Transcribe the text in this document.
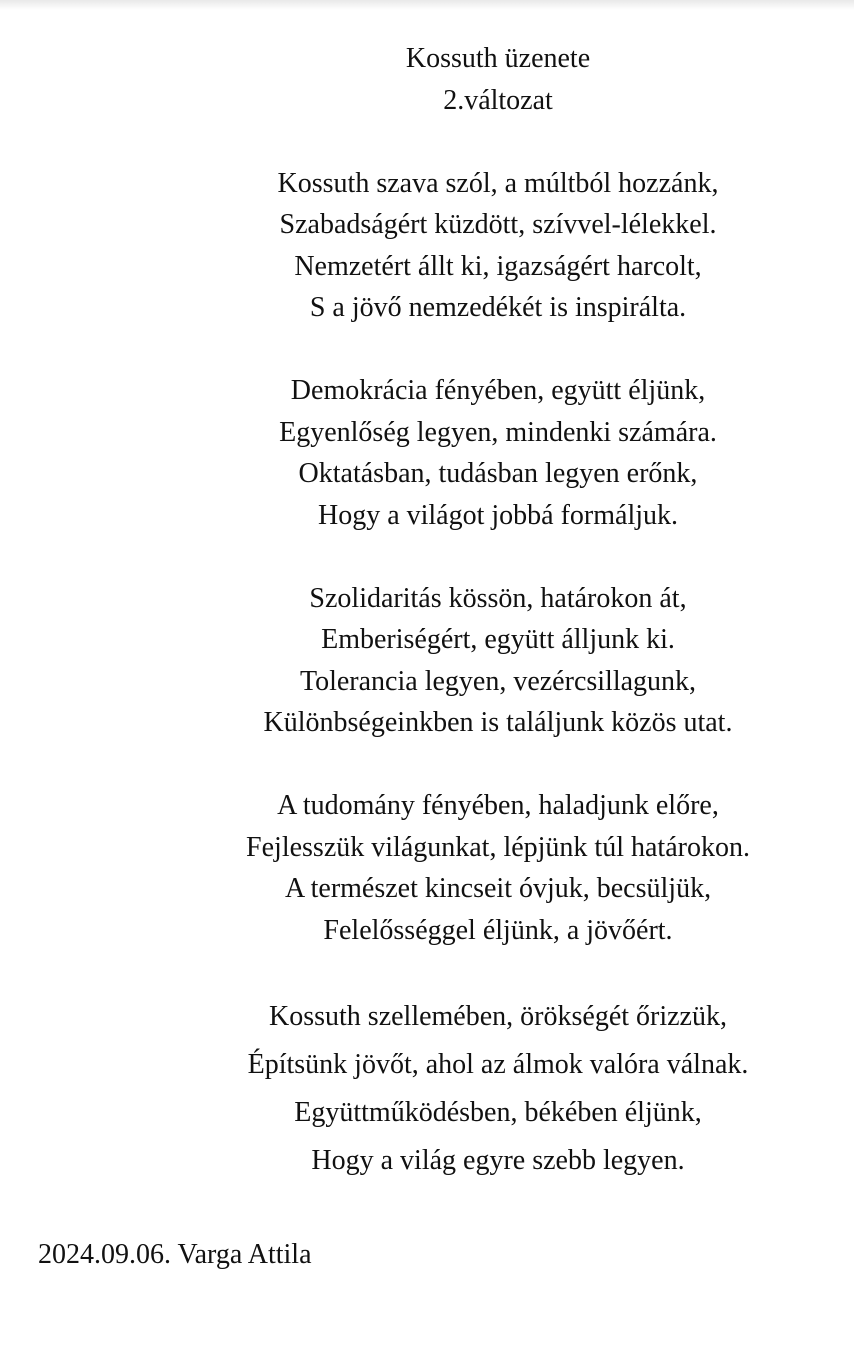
Kossuth üzenete
2.változat
Kossuth szava szól, a múltból hozzánk,
Szabadságért küzdött, szívvel-lélekkel.
Nemzetért állt ki, igazságért harcolt,
S a jövő nemzedékét is inspirálta.
Demokrácia fényében, együtt éljünk,
Egyenlőség legyen, mindenki számára.
Oktatásban, tudásban legyen erőnk,
Hogy a világot jobbá formáljuk.
Szolidaritás kössön, határokon át,
Emberiségért, együtt álljunk ki.
Tolerancia legyen, vezércsillagunk,
Különbségeinkben is találjunk közös utat.
A tudomány fényében, haladjunk előre,
Fejlesszük világunkat, lépjünk túl határokon.
A természet kincseit óvjuk, becsüljük,
Felelősséggel éljünk, a jövőért.
Kossuth szellemében, örökségét őrizzük,
Építsünk jövőt, ahol az álmok valóra válnak.
Együttműködésben, békében éljünk,
Hogy a világ egyre szebb legyen.
2024.09.06. Varga Attila
